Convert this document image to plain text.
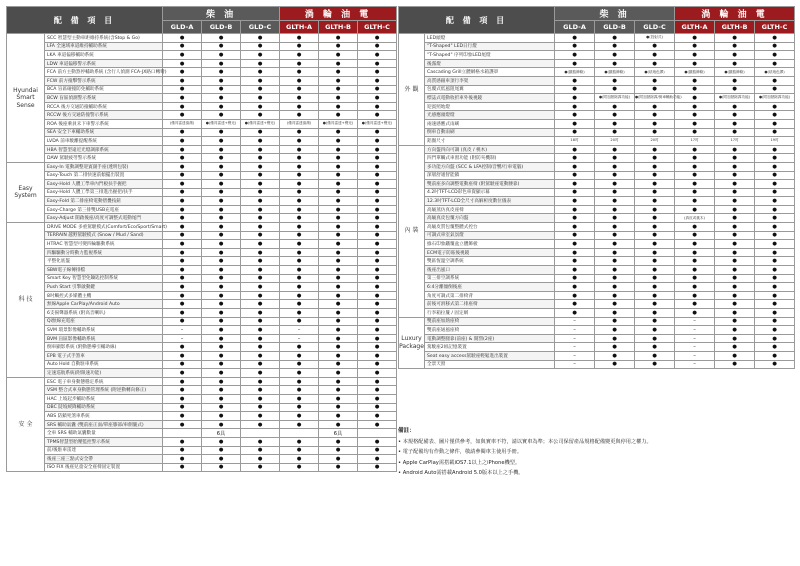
配 備 項 目		柴 油			渦 輪 油 電		
		GLD-A	GLD-B	GLD-C	GLTH-A	GLTH-B	GLTH-C
Hyundai Smart Sense	SCC 智慧型主動車距維持系統(含Stop & Go)	●	●	●	●	●	●
	LFA 全速域車道維持輔助系統	●	●	●	●	●	●
	LKA 車道偏移輔助系統	●	●	●	●	●	●
	LDW 車道偏移警示系統	●	●	●	●	●	●
	FCA 前方主動煞停輔助系統 (含行人偵測 FCA-JX路口轉彎)	●	●	●	●	●	●
	FCW 前方撞擊警示系統	●	●	●	●	●	●
	BCA 盲區碰撞防免輔助系統	●	●	●	●	●	●
	BCW 盲區偵測警示系統	●	●	●	●	●	●
	RCCA 後方交通防撞輔助系統	●	●	●	●	●	●
	RCCW 後方交通防撞警示系統	●	●	●	●	●	●
	ROA 後座乘員未下車警示系統	(僅具雷達偵測)	●(僅具雷達+聲光)	●(僅具雷達+聲光)	(僅具雷達偵測)	●(僅具雷達+聲光)	●(僅具雷達+聲光)
	SEA 安全下車輔助系統	●	●	●	●	●	●
	LVDA 前車駛離提醒系統	●	●	●	●	●	●
	HBA 智慧型遠近光燈調節系統	●	●	●	●	●	●
	DAW 駕駛疲勞警示系統	●	●	●	●	●	●
Easy System	Easy-In 電動調整迎賓副手座(透明包裝)	●	●	●	●	●	●
	Easy-Touch 第二排快速前傾擺出裝置	●	●	●	●	●	●
	Easy-Hold 人體工學車內門板扶手握把	●	●	●	●	●	●
	Easy-Hold 人體工學第三排進出握把/扶手	●	●	●	●	●	●
	Easy-Fold 第二排座椅電動摺疊按鈕	●	●	●	●	●	●
	Easy-Charge 第三排雙USB充電座	●	●	●	●	●	●
	Easy-Adjust 開啟後座/高度可調整式電動尾門	●	●	●	●	●	●
科 技	DRIVE MODE 多重駕駛模式(Comfort/Eco/Sport/Smart)	●	●	●	●	●	●
	TERRAIN 越野駕駛模式 (Snow / Mud / Sand)	●	●	●	●	●	●
	HTRAC 智慧型可變四輪驅動系統	●	●	●	●	●	●
	四驅驅動分時動力監視系統	●	●	●	●	●	●
	平整化底盤	●	●	●	●	●	●
	SBW電子線傳排檔	●	●	●	●	●	●
	Smart Key 智慧型免鑰匙控制系統	●	●	●	●	●	●
	Push Start 引擎啟動鍵	●	●	●	●	●	●
	8吋觸控式多媒體主機	●	●	●	●	●	●
	無線Apple CarPlay/Android Auto	●	●	●	●	●	●
	6支揚聲器系統 (附高音喇叭)	●	●	●	●	●	●
	Qi無線充電座	●	●	●	●	●	●
	SVM 環景影像輔助系統	–	●	●	–	●	●
	BVM 盲區影像輔助系統	–	●	●	–	●	●
	倒車顯影系統 (附動態導引輔助線)	●	●	●	●	●	●
	EPB 電子式手煞車	●	●	●	●	●	●
	Auto Hold 自動駐車系統	●	●	●	●	●	●
	定速巡航系統(附限速功能)	●	●	●	●	●	●
安 全	ESC 電子車身動態穩定系統	●	●	●	●	●	●
	VSM 整合式車身動態管理系統 (附逆動轉向修正)	●	●	●	●	●	●
	HAC 上坡起步輔助系統	●	●	●	●	●	●
	DBC 陡坡緩降輔助系統	●	●	●	●	●	●
	ABS 防鎖死煞車系統	●	●	●	●	●	●
	SRS 輔助氣囊 (雙前座正面/單座膝部/車側簾式)	●	●	●	●	●	●
	全車 SRS 輔助氣囊數量		6具			6具	
	TPMS智慧型胎壓監控警示系統	●	●	●	●	●	●
	前/後駐車雷達	●	●	●	●	●	●
	後座三座三點式安全帶	●	●	●	●	●	●
	ISO FIX 後座兒童安全座椅固定裝置	●	●	●	●	●	●
配 備 項 目		柴 油			渦 輪 油 電		
		GLD-A	GLD-B	GLD-C	GLTH-A	GLTH-B	GLTH-C
外 觀	LED頭燈	●	●	●(投射式)	●	●	●
	"T-Shaped" LED日行燈	●	●	●	●	●	●
	"T-Shaped" 序列印象LED尾燈	●	●	●	●	●	●
	後霧燈	●	●	●	●	●	●
	Cascading Grill立體網格水箱護罩	●(鍍鉻飾條)	●(鍍鉻飾條)	●(琺琅色澤)	●(鍍鉻飾條)	●(鍍鉻飾條)	●(琺琅色澤)
	高質感銀車頂行李架	●	●	●	●	●	●
	包覆式低風阻尾翼	●	●	●	●	●	●
	標誌式電動收折車外後視鏡	●	●(附加熱除霧功能)	●(附加熱除霧/倒車輔助功能)	●	●(附加熱除霧功能)	●(附加熱除霧功能)
	迎賓照地燈	●	●	●	●	●	●
	光感應頭燈燈	●	●	●	●	●	●
	兩速感應式雨刷	●	●	●	●	●	●
	倒車自動雨刷	●	●	●	●	●	●
	鋁圈尺寸	18吋	20吋	20吋	17吋	17吋	19吋
內 裝	方向盤四向可調 (真皮 / 桃木)	●	●	●	●	●	●
	四門單觸式車窗功能 (附防夾機制)	●	●	●	●	●	●
	多功能方向盤 (SCC & LFA控制/音響/行車電腦)	●	●	●	●	●	●
	深層舒適智能鎖	●	●	●	●	●	●
	雙前座多向調整電動座椅 (附駕駛座電動腰靠)	●	●	●	●	●	●
	4.2吋TFT-LCD彩色車資顯示幕	●	●	●	●	●	●
	12.3吋TFT-LCD全尺寸高解析度數位儀表	●	●	●	●	●	●
	高級蒸仿真皮座椅	●	●	●	●	●	●
	高級真皮包覆方向盤	●	●	●	(真皮或桃木)	●	●
	高級皮質包覆整體式控台	●	●	●	●	●	●
	可調式車室氣氛燈	●	●	●	●	●	●
	綠石印象鐵覆盆立體飾板	●	●	●	●	●	●
	ECM電子防眩後視鏡	●	●	●	●	●	●
	雙區恆溫空調系統	●	●	●	●	●	●
	後座出風口	●	●	●	●	●	●
	第三排空調系統	●	●	●	●	●	●
	6:4分離傾倒後座	●	●	●	●	●	●
	角度可調式第二排椅背	●	●	●	●	●	●
	前後可滑移式第二排座椅	●	●	●	●	●	●
	行李箱拉簾 / 固定網	●	●	●	●	●	●
Luxury Package	雙前座加熱座椅	–	●	●	–	●	●
	雙前座通風座椅	–	●	●	–	●	●
	電動調整腿靠(前座) & 開罰(2座)	–	●	●	–	●	●
	駕駛座2組記憶裝置	–	●	●	–	●	●
	Seat easy access駕駛座輕鬆進出裝置	–	●	●	–	●	●
	全景天窗	–	●	●	–	●	●
備註：
• 本規格配備表、圖片僅供參考，如與實車不符，請以實車為準；本公司保留產品規格配備變更與停用之權力。
• 電子配備均有作動之條件，敬請參閱車主使用手冊。
• Apple CarPlay需搭載iOS7.1以上之iPhone機型。
• Android Auto需搭載Android 5.0版本以上之手機。
